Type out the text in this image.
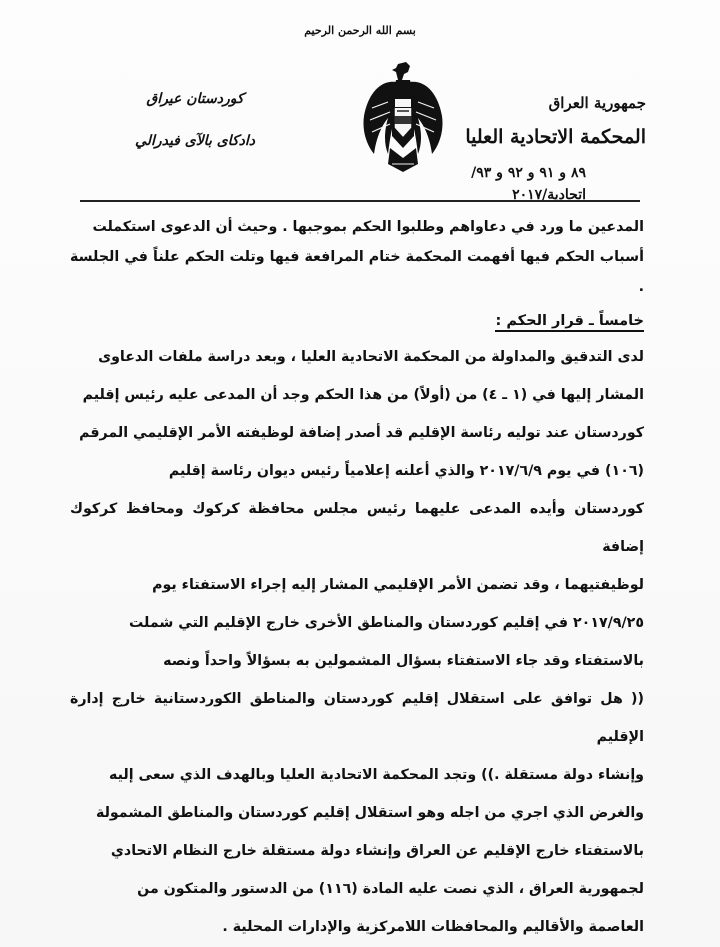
بسم الله الرحمن الرحيم
جمهورية العراق
المحكمة الاتحادية العليا
٨٩ و ٩١ و ٩٢ و ٩٣/اتحادية/٢٠١٧
كوردستان عيراق
دادكاى بالآى فيدرالي

المدعين ما ورد في دعاواهم وطلبوا الحكم بموجبها . وحيث أن الدعوى استكملت
أسباب الحكم فيها أفهمت المحكمة ختام المرافعة فيها وتلت الحكم علناً في الجلسة .

خامساً ـ قرار الحكم :

لدى التدقيق والمداولة من المحكمة الاتحادية العليا ، وبعد دراسة ملفات الدعاوى
المشار إليها في (١ ـ ٤) من (أولاً) من هذا الحكم وجد أن المدعى عليه رئيس إقليم
كوردستان عند توليه رئاسة الإقليم قد أصدر إضافة لوظيفته الأمر الإقليمي المرقم
(١٠٦) في يوم ٢٠١٧/٦/٩ والذي أعلنه إعلامياً رئيس ديوان رئاسة إقليم
كوردستان وأيده المدعى عليهما رئيس مجلس محافظة كركوك ومحافظ كركوك إضافة
لوظيفتيهما ، وقد تضمن الأمر الإقليمي المشار إليه إجراء الاستفتاء يوم
٢٠١٧/٩/٢٥ في إقليم كوردستان والمناطق الأخرى خارج الإقليم التي شملت
بالاستفتاء وقد جاء الاستفتاء بسؤال المشمولين به بسؤالاً واحداً ونصه
(( هل توافق على استقلال إقليم كوردستان والمناطق الكوردستانية خارج إدارة الإقليم
وإنشاء دولة مستقلة .)) وتجد المحكمة الاتحادية العليا وبالهدف الذي سعى إليه
والغرض الذي اجري من اجله وهو استقلال إقليم كوردستان والمناطق المشمولة
بالاستفتاء خارج الإقليم عن العراق وإنشاء دولة مستقلة خارج النظام الاتحادي
لجمهورية العراق ، الذي نصت عليه المادة (١١٦) من الدستور والمتكون من
العاصمة والأقاليم والمحافظات اللامركزية والإدارات المحلية .
